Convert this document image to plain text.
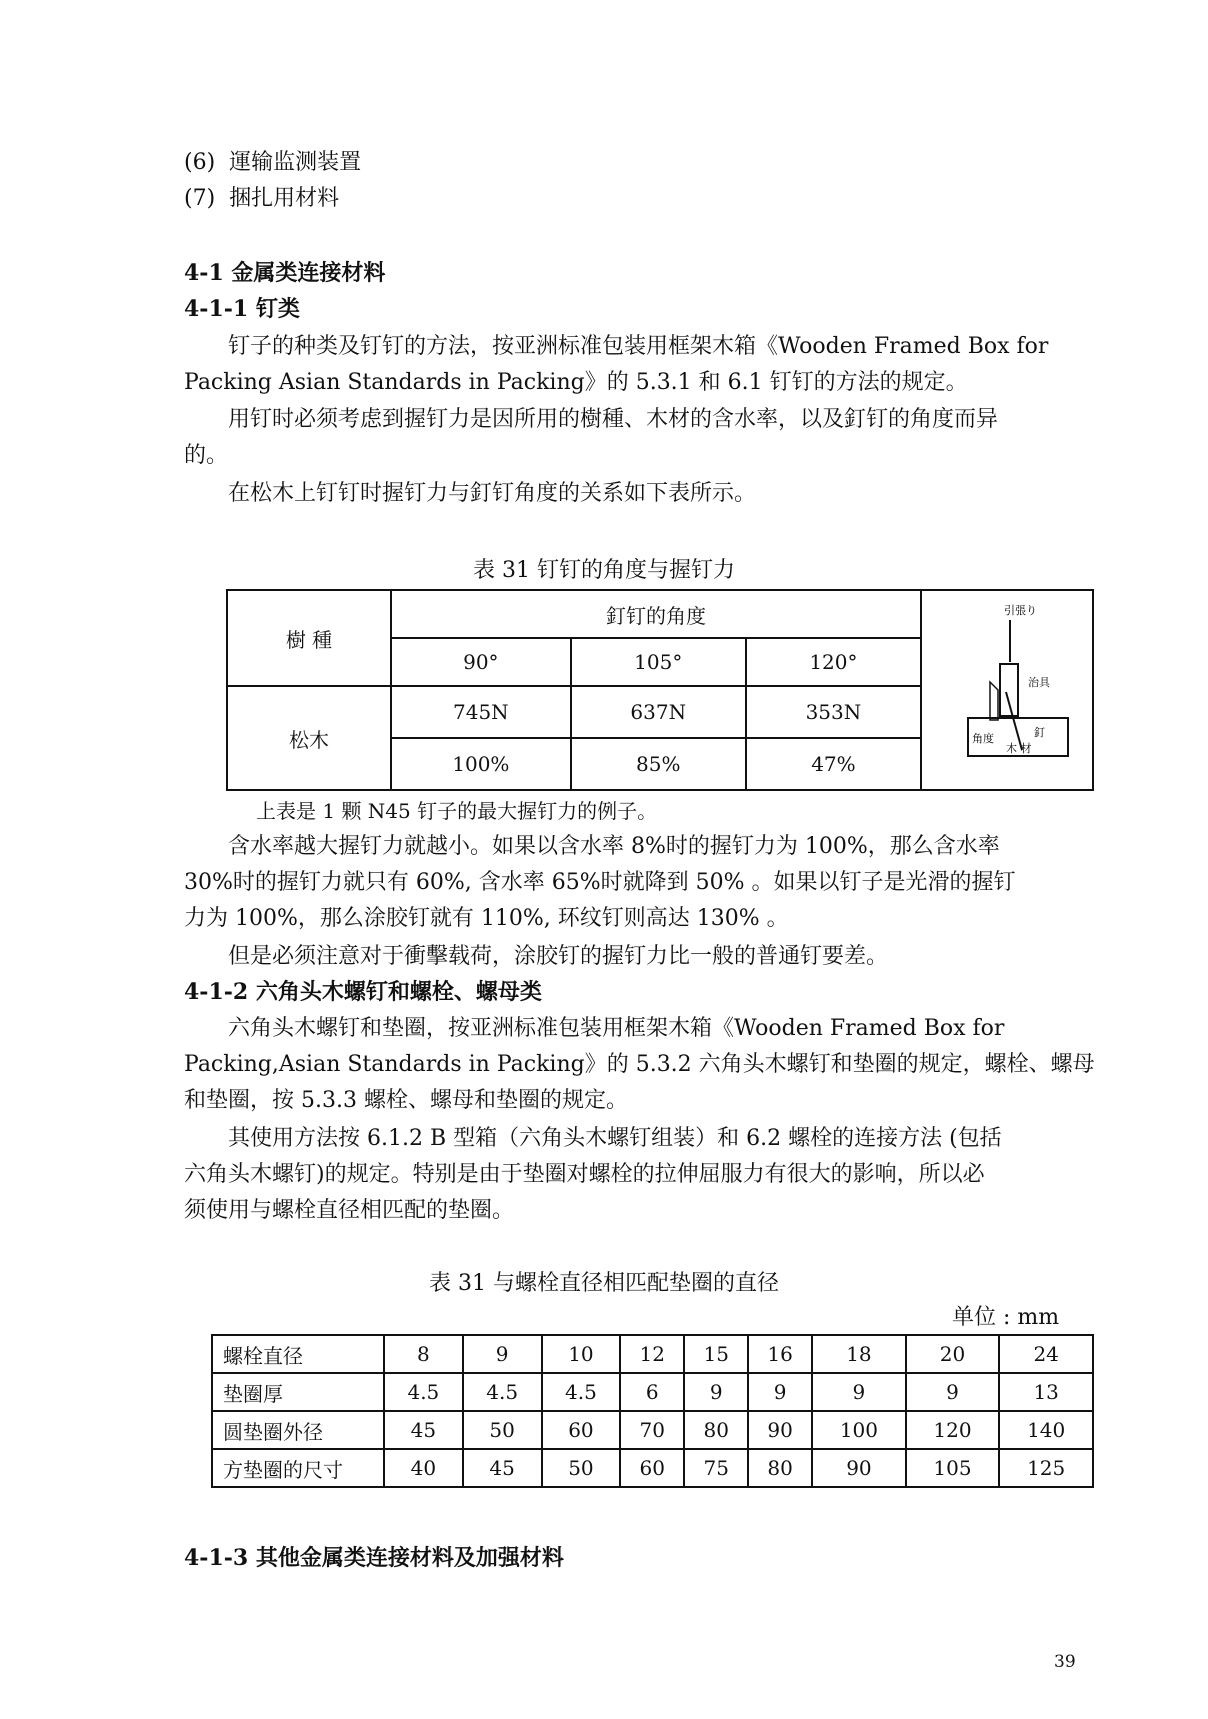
(6) 運输监测装置
(7) 捆扎用材料
4-1 金属类连接材料
4-1-1 钉类
钉子的种类及钉钉的方法，按亚洲标准包装用框架木箱《Wooden Framed Box for
Packing Asian Standards in Packing》的 5.3.1 和 6.1 钉钉的方法的规定。
用钉时必须考虑到握钉力是因所用的樹種、木材的含水率，以及釘钉的角度而异
的。
在松木上钉钉时握钉力与釘钉角度的关系如下表所示。
表 31 钉钉的角度与握钉力
樹 種	釘钉的角度			引張り
治具
釘
角度
木 材

	90°	105°	120°	
松木	745N	637N	353N	
	100%	85%	47%	
上表是 1 颗 N45 钉子的最大握钉力的例子。
含水率越大握钉力就越小。如果以含水率 8%时的握钉力为 100%，那么含水率
30%时的握钉力就只有 60%, 含水率 65%时就降到 50% 。如果以钉子是光滑的握钉
力为 100%，那么涂胶钉就有 110%, 环纹钉则高达 130% 。
但是必须注意对于衝擊载荷，涂胶钉的握钉力比一般的普通钉要差。
4-1-2 六角头木螺钉和螺栓、螺母类
六角头木螺钉和垫圈，按亚洲标准包装用框架木箱《Wooden Framed Box for
Packing,Asian Standards in Packing》的 5.3.2 六角头木螺钉和垫圈的规定，螺栓、螺母
和垫圈，按 5.3.3 螺栓、螺母和垫圈的规定。
其使用方法按 6.1.2 B 型箱（六角头木螺钉组装）和 6.2 螺栓的连接方法 (包括
六角头木螺钉)的规定。特别是由于垫圈对螺栓的拉伸屈服力有很大的影响，所以必
须使用与螺栓直径相匹配的垫圈。
表 31 与螺栓直径相匹配垫圈的直径
单位 : mm
螺栓直径	8	9	10	12	15	16	18	20	24
垫圈厚	4.5	4.5	4.5	6	9	9	9	9	13
圆垫圈外径	45	50	60	70	80	90	100	120	140
方垫圈的尺寸	40	45	50	60	75	80	90	105	125
4-1-3 其他金属类连接材料及加强材料
39
